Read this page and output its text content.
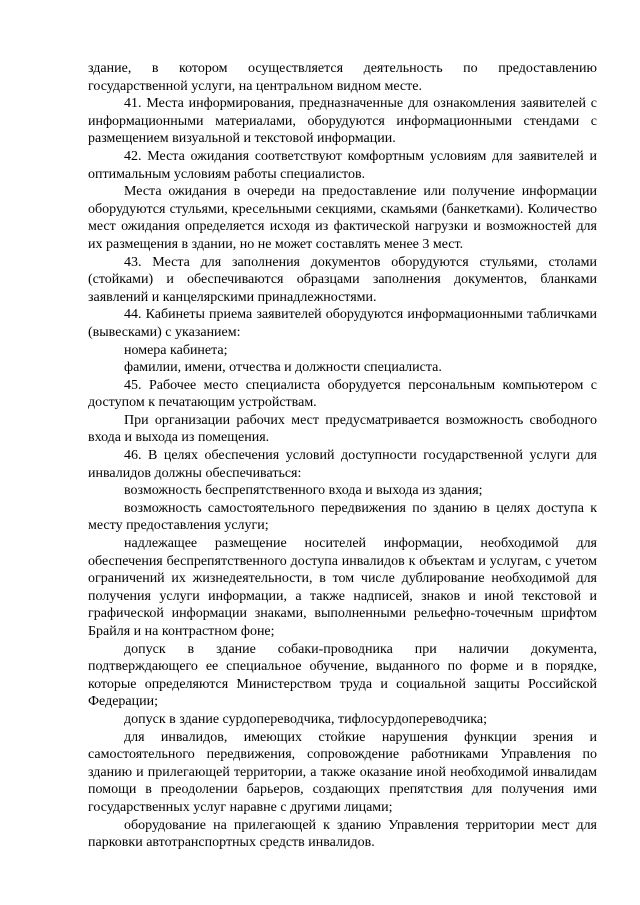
здание, в котором осуществляется деятельность по предоставлению государственной услуги, на центральном видном месте.

41. Места информирования, предназначенные для ознакомления заявителей с информационными материалами, оборудуются информационными стендами с размещением визуальной и текстовой информации.

42. Места ожидания соответствуют комфортным условиям для заявителей и оптимальным условиям работы специалистов.

Места ожидания в очереди на предоставление или получение информации оборудуются стульями, кресельными секциями, скамьями (банкетками). Количество мест ожидания определяется исходя из фактической нагрузки и возможностей для их размещения в здании, но не может составлять менее 3 мест.

43. Места для заполнения документов оборудуются стульями, столами (стойками) и обеспечиваются образцами заполнения документов, бланками заявлений и канцелярскими принадлежностями.

44. Кабинеты приема заявителей оборудуются информационными табличками (вывесками) с указанием:

номера кабинета;

фамилии, имени, отчества и должности специалиста.

45. Рабочее место специалиста оборудуется персональным компьютером с доступом к печатающим устройствам.

При организации рабочих мест предусматривается возможность свободного входа и выхода из помещения.

46. В целях обеспечения условий доступности государственной услуги для инвалидов должны обеспечиваться:

возможность беспрепятственного входа и выхода из здания;

возможность самостоятельного передвижения по зданию в целях доступа к месту предоставления услуги;

надлежащее размещение носителей информации, необходимой для обеспечения беспрепятственного доступа инвалидов к объектам и услугам, с учетом ограничений их жизнедеятельности, в том числе дублирование необходимой для получения услуги информации, а также надписей, знаков и иной текстовой и графической информации знаками, выполненными рельефно-точечным шрифтом Брайля и на контрастном фоне;

допуск в здание собаки-проводника при наличии документа, подтверждающего ее специальное обучение, выданного по форме и в порядке, которые определяются Министерством труда и социальной защиты Российской Федерации;

допуск в здание сурдопереводчика, тифлосурдопереводчика;

для инвалидов, имеющих стойкие нарушения функции зрения и самостоятельного передвижения, сопровождение работниками Управления по зданию и прилегающей территории, а также оказание иной необходимой инвалидам помощи в преодолении барьеров, создающих препятствия для получения ими государственных услуг наравне с другими лицами;

оборудование на прилегающей к зданию Управления территории мест для парковки автотранспортных средств инвалидов.
